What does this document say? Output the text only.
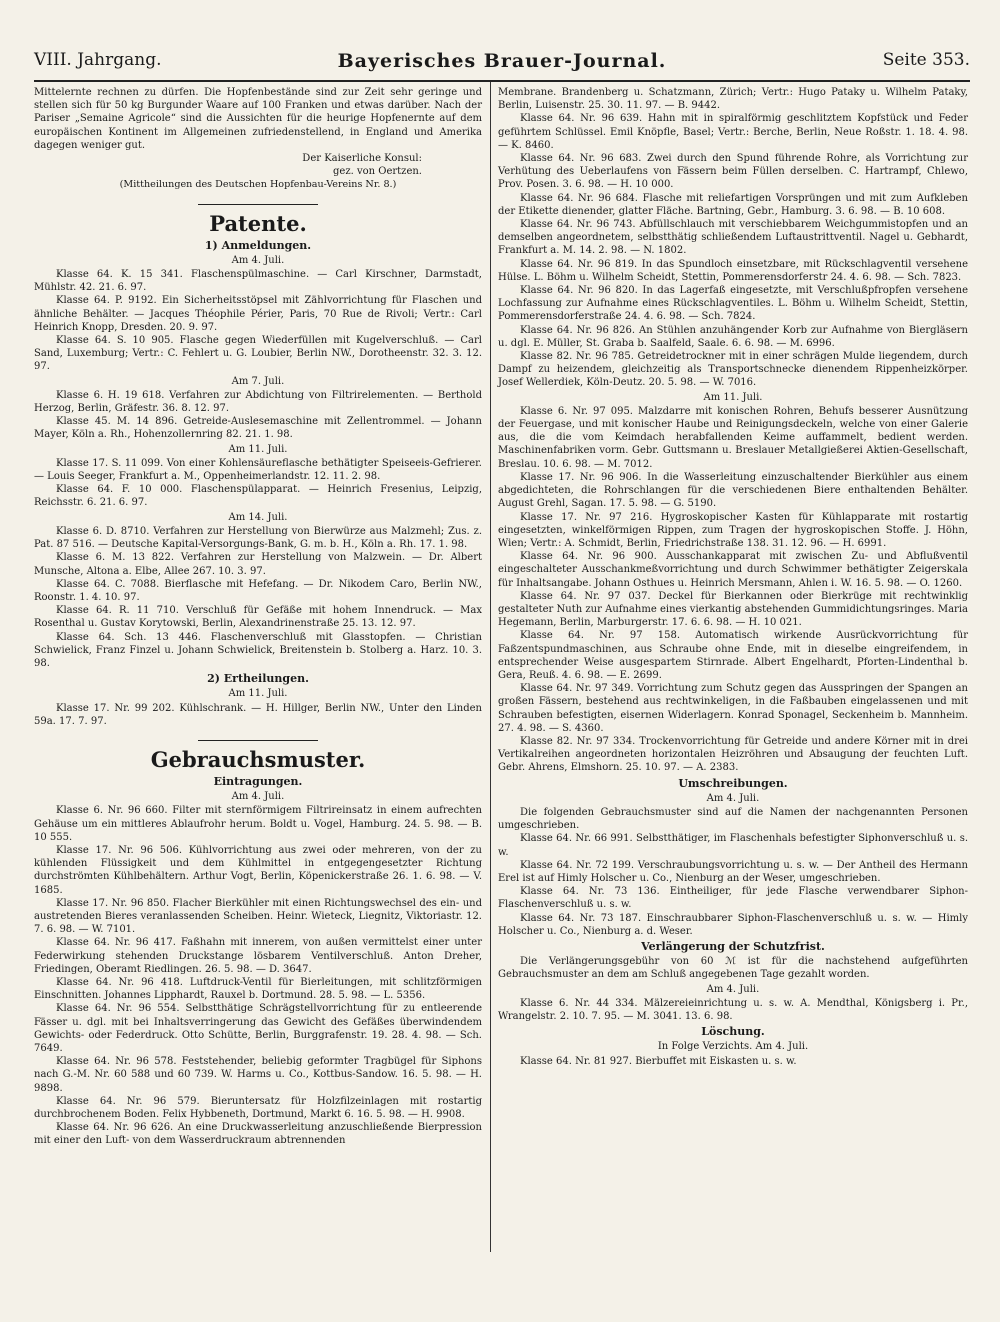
VIII. Jahrgang.	Bayerisches Brauer-Journal.	Seite 353.

Mittelernte rechnen zu dürfen. Die Hopfenbestände sind zur Zeit sehr geringe und stellen sich für 50 kg Burgunder Waare auf 100 Franken und etwas darüber. Nach der Pariser „Semaine Agricole“ sind die Aussichten für die heurige Hopfenernte auf dem europäischen Kontinent im Allgemeinen zufriedenstellend, in England und Amerika dagegen weniger gut.

Der Kaiserliche Konsul:
gez. von Oertzen.
(Mittheilungen des Deutschen Hopfenbau-Vereins Nr. 8.)
Patente.
1) Anmeldungen.
Am 4. Juli.

Klasse 64. K. 15 341. Flaschenspülmaschine. — Carl Kirschner, Darmstadt, Mühlstr. 42. 21. 6. 97.

Klasse 64. P. 9192. Ein Sicherheitsstöpsel mit Zählvorrichtung für Flaschen und ähnliche Behälter. — Jacques Théophile Périer, Paris, 70 Rue de Rivoli; Vertr.: Carl Heinrich Knopp, Dresden. 20. 9. 97.

Klasse 64. S. 10 905. Flasche gegen Wiederfüllen mit Kugelverschluß. — Carl Sand, Luxemburg; Vertr.: C. Fehlert u. G. Loubier, Berlin NW., Dorotheenstr. 32. 3. 12. 97.

Am 7. Juli.

Klasse 6. H. 19 618. Verfahren zur Abdichtung von Filtrirelementen. — Berthold Herzog, Berlin, Gräfestr. 36. 8. 12. 97.

Klasse 45. M. 14 896. Getreide-Auslesemaschine mit Zellentrommel. — Johann Mayer, Köln a. Rh., Hohenzollernring 82. 21. 1. 98.

Am 11. Juli.

Klasse 17. S. 11 099. Von einer Kohlensäureflasche bethätigter Speiseeis-Gefrierer. — Louis Seeger, Frankfurt a. M., Oppenheimerlandstr. 12. 11. 2. 98.

Klasse 64. F. 10 000. Flaschenspülapparat. — Heinrich Fresenius, Leipzig, Reichsstr. 6. 21. 6. 97.

Am 14. Juli.

Klasse 6. D. 8710. Verfahren zur Herstellung von Bierwürze aus Malzmehl; Zus. z. Pat. 87 516. — Deutsche Kapital-Versorgungs-Bank, G. m. b. H., Köln a. Rh. 17. 1. 98.

Klasse 6. M. 13 822. Verfahren zur Herstellung von Malzwein. — Dr. Albert Munsche, Altona a. Elbe, Allee 267. 10. 3. 97.

Klasse 64. C. 7088. Bierflasche mit Hefefang. — Dr. Nikodem Caro, Berlin NW., Roonstr. 1. 4. 10. 97.

Klasse 64. R. 11 710. Verschluß für Gefäße mit hohem Innendruck. — Max Rosenthal u. Gustav Korytowski, Berlin, Alexandrinenstraße 25. 13. 12. 97.

Klasse 64. Sch. 13 446. Flaschenverschluß mit Glasstopfen. — Christian Schwielick, Franz Finzel u. Johann Schwielick, Breitenstein b. Stolberg a. Harz. 10. 3. 98.

2) Ertheilungen.
Am 11. Juli.

Klasse 17. Nr. 99 202. Kühlschrank. — H. Hillger, Berlin NW., Unter den Linden 59a. 17. 7. 97.

Gebrauchsmuster.
Eintragungen.
Am 4. Juli.

Klasse 6. Nr. 96 660. Filter mit sternförmigem Filtrireinsatz in einem aufrechten Gehäuse um ein mittleres Ablaufrohr herum. Boldt u. Vogel, Hamburg. 24. 5. 98. — B. 10 555.

Klasse 17. Nr. 96 506. Kühlvorrichtung aus zwei oder mehreren, von der zu kühlenden Flüssigkeit und dem Kühlmittel in entgegengesetzter Richtung durchströmten Kühlbehältern. Arthur Vogt, Berlin, Köpenickerstraße 26. 1. 6. 98. — V. 1685.

Klasse 17. Nr. 96 850. Flacher Bierkühler mit einen Richtungswechsel des ein- und austretenden Bieres veranlassenden Scheiben. Heinr. Wieteck, Liegnitz, Viktoriastr. 12. 7. 6. 98. — W. 7101.

Klasse 64. Nr. 96 417. Faßhahn mit innerem, von außen vermittelst einer unter Federwirkung stehenden Druckstange lösbarem Ventilverschluß. Anton Dreher, Friedingen, Oberamt Riedlingen. 26. 5. 98. — D. 3647.

Klasse 64. Nr. 96 418. Luftdruck-Ventil für Bierleitungen, mit schlitzförmigen Einschnitten. Johannes Lipphardt, Rauxel b. Dortmund. 28. 5. 98. — L. 5356.

Klasse 64. Nr. 96 554. Selbstthätige Schrägstellvorrichtung für zu entleerende Fässer u. dgl. mit bei Inhaltsverringerung das Gewicht des Gefäßes überwindendem Gewichts- oder Federdruck. Otto Schütte, Berlin, Burggrafenstr. 19. 28. 4. 98. — Sch. 7649.

Klasse 64. Nr. 96 578. Feststehender, beliebig geformter Tragbügel für Siphons nach G.-M. Nr. 60 588 und 60 739. W. Harms u. Co., Kottbus-Sandow. 16. 5. 98. — H. 9898.

Klasse 64. Nr. 96 579. Bieruntersatz für Holzfilzeinlagen mit rostartig durchbrochenem Boden. Felix Hybbeneth, Dortmund, Markt 6. 16. 5. 98. — H. 9908.

Klasse 64. Nr. 96 626. An eine Druckwasserleitung anzuschließende Bierpression mit einer den Luft- von dem Wasserdruckraum abtrennenden

Membrane. Brandenberg u. Schatzmann, Zürich; Vertr.: Hugo Pataky u. Wilhelm Pataky, Berlin, Luisenstr. 25. 30. 11. 97. — B. 9442.

Klasse 64. Nr. 96 639. Hahn mit in spiralförmig geschlitztem Kopfstück und Feder geführtem Schlüssel. Emil Knöpfle, Basel; Vertr.: Berche, Berlin, Neue Roßstr. 1. 18. 4. 98. — K. 8460.

Klasse 64. Nr. 96 683. Zwei durch den Spund führende Rohre, als Vorrichtung zur Verhütung des Ueberlaufens von Fässern beim Füllen derselben. C. Hartrampf, Chlewo, Prov. Posen. 3. 6. 98. — H. 10 000.

Klasse 64. Nr. 96 684. Flasche mit reliefartigen Vorsprüngen und mit zum Aufkleben der Etikette dienender, glatter Fläche. Bartning, Gebr., Hamburg. 3. 6. 98. — B. 10 608.

Klasse 64. Nr. 96 743. Abfüllschlauch mit verschiebbarem Weichgummistopfen und an demselben angeordnetem, selbstthätig schließendem Luftaustrittventil. Nagel u. Gebhardt, Frankfurt a. M. 14. 2. 98. — N. 1802.

Klasse 64. Nr. 96 819. In das Spundloch einsetzbare, mit Rückschlagventil versehene Hülse. L. Böhm u. Wilhelm Scheidt, Stettin, Pommerensdorferstr 24. 4. 6. 98. — Sch. 7823.

Klasse 64. Nr. 96 820. In das Lagerfaß eingesetzte, mit Verschlußpfropfen versehene Lochfassung zur Aufnahme eines Rückschlagventiles. L. Böhm u. Wilhelm Scheidt, Stettin, Pommerensdorferstraße 24. 4. 6. 98. — Sch. 7824.

Klasse 64. Nr. 96 826. An Stühlen anzuhängender Korb zur Aufnahme von Biergläsern u. dgl. E. Müller, St. Graba b. Saalfeld, Saale. 6. 6. 98. — M. 6996.

Klasse 82. Nr. 96 785. Getreidetrockner mit in einer schrägen Mulde liegendem, durch Dampf zu heizendem, gleichzeitig als Transportschnecke dienendem Rippenheizkörper. Josef Wellerdiek, Köln-Deutz. 20. 5. 98. — W. 7016.

Am 11. Juli.

Klasse 6. Nr. 97 095. Malzdarre mit konischen Rohren, Behufs besserer Ausnützung der Feuergase, und mit konischer Haube und Reinigungsdeckeln, welche von einer Galerie aus, die die vom Keimdach herabfallenden Keime auffammelt, bedient werden. Maschinenfabriken vorm. Gebr. Guttsmann u. Breslauer Metallgießerei Aktien-Gesellschaft, Breslau. 10. 6. 98. — M. 7012.

Klasse 17. Nr. 96 906. In die Wasserleitung einzuschaltender Bierkühler aus einem abgedichteten, die Rohrschlangen für die verschiedenen Biere enthaltenden Behälter. August Grehl, Sagan. 17. 5. 98. — G. 5190.

Klasse 17. Nr. 97 216. Hygroskopischer Kasten für Kühlapparate mit rostartig eingesetzten, winkelförmigen Rippen, zum Tragen der hygroskopischen Stoffe. J. Höhn, Wien; Vertr.: A. Schmidt, Berlin, Friedrichstraße 138. 31. 12. 96. — H. 6991.

Klasse 64. Nr. 96 900. Ausschankapparat mit zwischen Zu- und Abflußventil eingeschalteter Ausschankmeßvorrichtung und durch Schwimmer bethätigter Zeigerskala für Inhaltsangabe. Johann Osthues u. Heinrich Mersmann, Ahlen i. W. 16. 5. 98. — O. 1260.

Klasse 64. Nr. 97 037. Deckel für Bierkannen oder Bierkrüge mit rechtwinklig gestalteter Nuth zur Aufnahme eines vierkantig abstehenden Gummidichtungsringes. Maria Hegemann, Berlin, Marburgerstr. 17. 6. 6. 98. — H. 10 021.

Klasse 64. Nr. 97 158. Automatisch wirkende Ausrückvorrichtung für Faßzentspundmaschinen, aus Schraube ohne Ende, mit in dieselbe eingreifendem, in entsprechender Weise ausgespartem Stirnrade. Albert Engelhardt, Pforten-Lindenthal b. Gera, Reuß. 4. 6. 98. — E. 2699.

Klasse 64. Nr. 97 349. Vorrichtung zum Schutz gegen das Ausspringen der Spangen an großen Fässern, bestehend aus rechtwinkeligen, in die Faßbauben eingelassenen und mit Schrauben befestigten, eisernen Widerlagern. Konrad Sponagel, Seckenheim b. Mannheim. 27. 4. 98. — S. 4360.

Klasse 82. Nr. 97 334. Trockenvorrichtung für Getreide und andere Körner mit in drei Vertikalreihen angeordneten horizontalen Heizröhren und Absaugung der feuchten Luft. Gebr. Ahrens, Elmshorn. 25. 10. 97. — A. 2383.

Umschreibungen.
Am 4. Juli.

Die folgenden Gebrauchsmuster sind auf die Namen der nachgenannten Personen umgeschrieben.

Klasse 64. Nr. 66 991. Selbstthätiger, im Flaschenhals befestigter Siphonverschluß u. s. w.

Klasse 64. Nr. 72 199. Verschraubungsvorrichtung u. s. w. — Der Antheil des Hermann Erel ist auf Himly Holscher u. Co., Nienburg an der Weser, umgeschrieben.

Klasse 64. Nr. 73 136. Eintheiliger, für jede Flasche verwendbarer Siphon-Flaschenverschluß u. s. w.

Klasse 64. Nr. 73 187. Einschraubbarer Siphon-Flaschenverschluß u. s. w. — Himly Holscher u. Co., Nienburg a. d. Weser.

Verlängerung der Schutzfrist.

Die Verlängerungsgebühr von 60 ℳ ist für die nachstehend aufgeführten Gebrauchsmuster an dem am Schluß angegebenen Tage gezahlt worden.

Am 4. Juli.

Klasse 6. Nr. 44 334. Mälzereieinrichtung u. s. w. A. Mendthal, Königsberg i. Pr., Wrangelstr. 2. 10. 7. 95. — M. 3041. 13. 6. 98.

Löschung.
In Folge Verzichts. Am 4. Juli.

Klasse 64. Nr. 81 927. Bierbuffet mit Eiskasten u. s. w.
